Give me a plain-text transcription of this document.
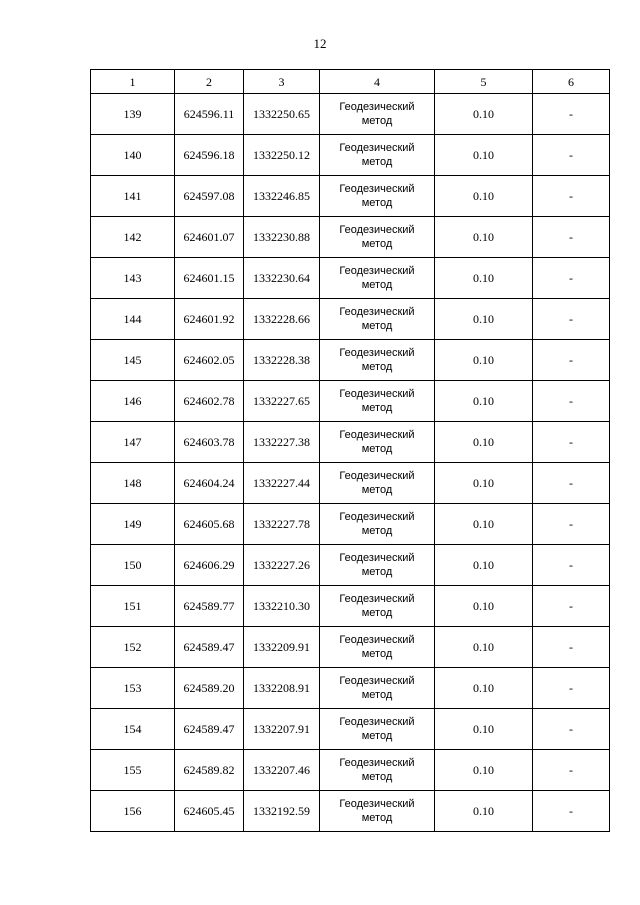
12
1	2	3	4	5	6
139	624596.11	1332250.65	Геодезический
метод	0.10	-
140	624596.18	1332250.12	Геодезический
метод	0.10	-
141	624597.08	1332246.85	Геодезический
метод	0.10	-
142	624601.07	1332230.88	Геодезический
метод	0.10	-
143	624601.15	1332230.64	Геодезический
метод	0.10	-
144	624601.92	1332228.66	Геодезический
метод	0.10	-
145	624602.05	1332228.38	Геодезический
метод	0.10	-
146	624602.78	1332227.65	Геодезический
метод	0.10	-
147	624603.78	1332227.38	Геодезический
метод	0.10	-
148	624604.24	1332227.44	Геодезический
метод	0.10	-
149	624605.68	1332227.78	Геодезический
метод	0.10	-
150	624606.29	1332227.26	Геодезический
метод	0.10	-
151	624589.77	1332210.30	Геодезический
метод	0.10	-
152	624589.47	1332209.91	Геодезический
метод	0.10	-
153	624589.20	1332208.91	Геодезический
метод	0.10	-
154	624589.47	1332207.91	Геодезический
метод	0.10	-
155	624589.82	1332207.46	Геодезический
метод	0.10	-
156	624605.45	1332192.59	Геодезический
метод	0.10	-
